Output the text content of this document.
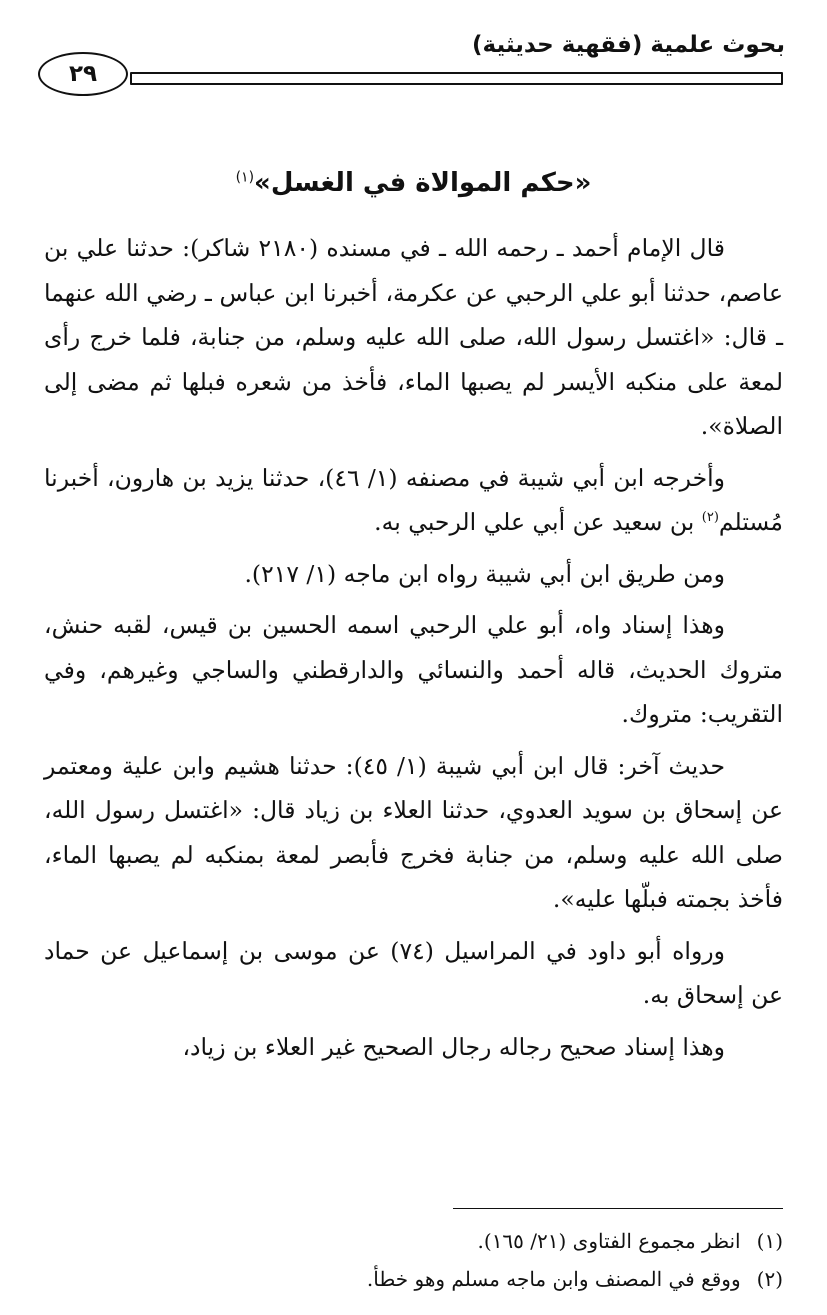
بحوث علمية (فقهية حديثية)
٢٩
«حكم الموالاة في الغسل»$^{(١)}$

قال الإمام أحمد ـ رحمه الله ـ في مسنده (٢١٨٠ شاكر): حدثنا علي بن عاصم، حدثنا أبو علي الرحبي عن عكرمة، أخبرنا ابن عباس ـ رضي الله عنهما ـ قال: «اغتسل رسول الله، صلى الله عليه وسلم، من جنابة، فلما خرج رأى لمعة على منكبه الأيسر لم يصبها الماء، فأخذ من شعره فبلها ثم مضى إلى الصلاة».

وأخرجه ابن أبي شيبة في مصنفه (١/ ٤٦)، حدثنا يزيد بن هارون، أخبرنا مُستلم$^{(٢)}$ بن سعيد عن أبي علي الرحبي به.

ومن طريق ابن أبي شيبة رواه ابن ماجه (١/ ٢١٧).

وهذا إسناد واه، أبو علي الرحبي اسمه الحسين بن قيس، لقبه حنش، متروك الحديث، قاله أحمد والنسائي والدارقطني والساجي وغيرهم، وفي التقريب: متروك.

حديث آخر: قال ابن أبي شيبة (١/ ٤٥): حدثنا هشيم وابن علية ومعتمر عن إسحاق بن سويد العدوي، حدثنا العلاء بن زياد قال: «اغتسل رسول الله، صلى الله عليه وسلم، من جنابة فخرج فأبصر لمعة بمنكبه لم يصبها الماء، فأخذ بجمته فبلّها عليه».

ورواه أبو داود في المراسيل (٧٤) عن موسى بن إسماعيل عن حماد عن إسحاق به.

وهذا إسناد صحيح رجاله رجال الصحيح غير العلاء بن زياد،

(١)
انظر مجموع الفتاوى (٢١/ ١٦٥).
(٢)
ووقع في المصنف وابن ماجه مسلم وهو خطأ.
